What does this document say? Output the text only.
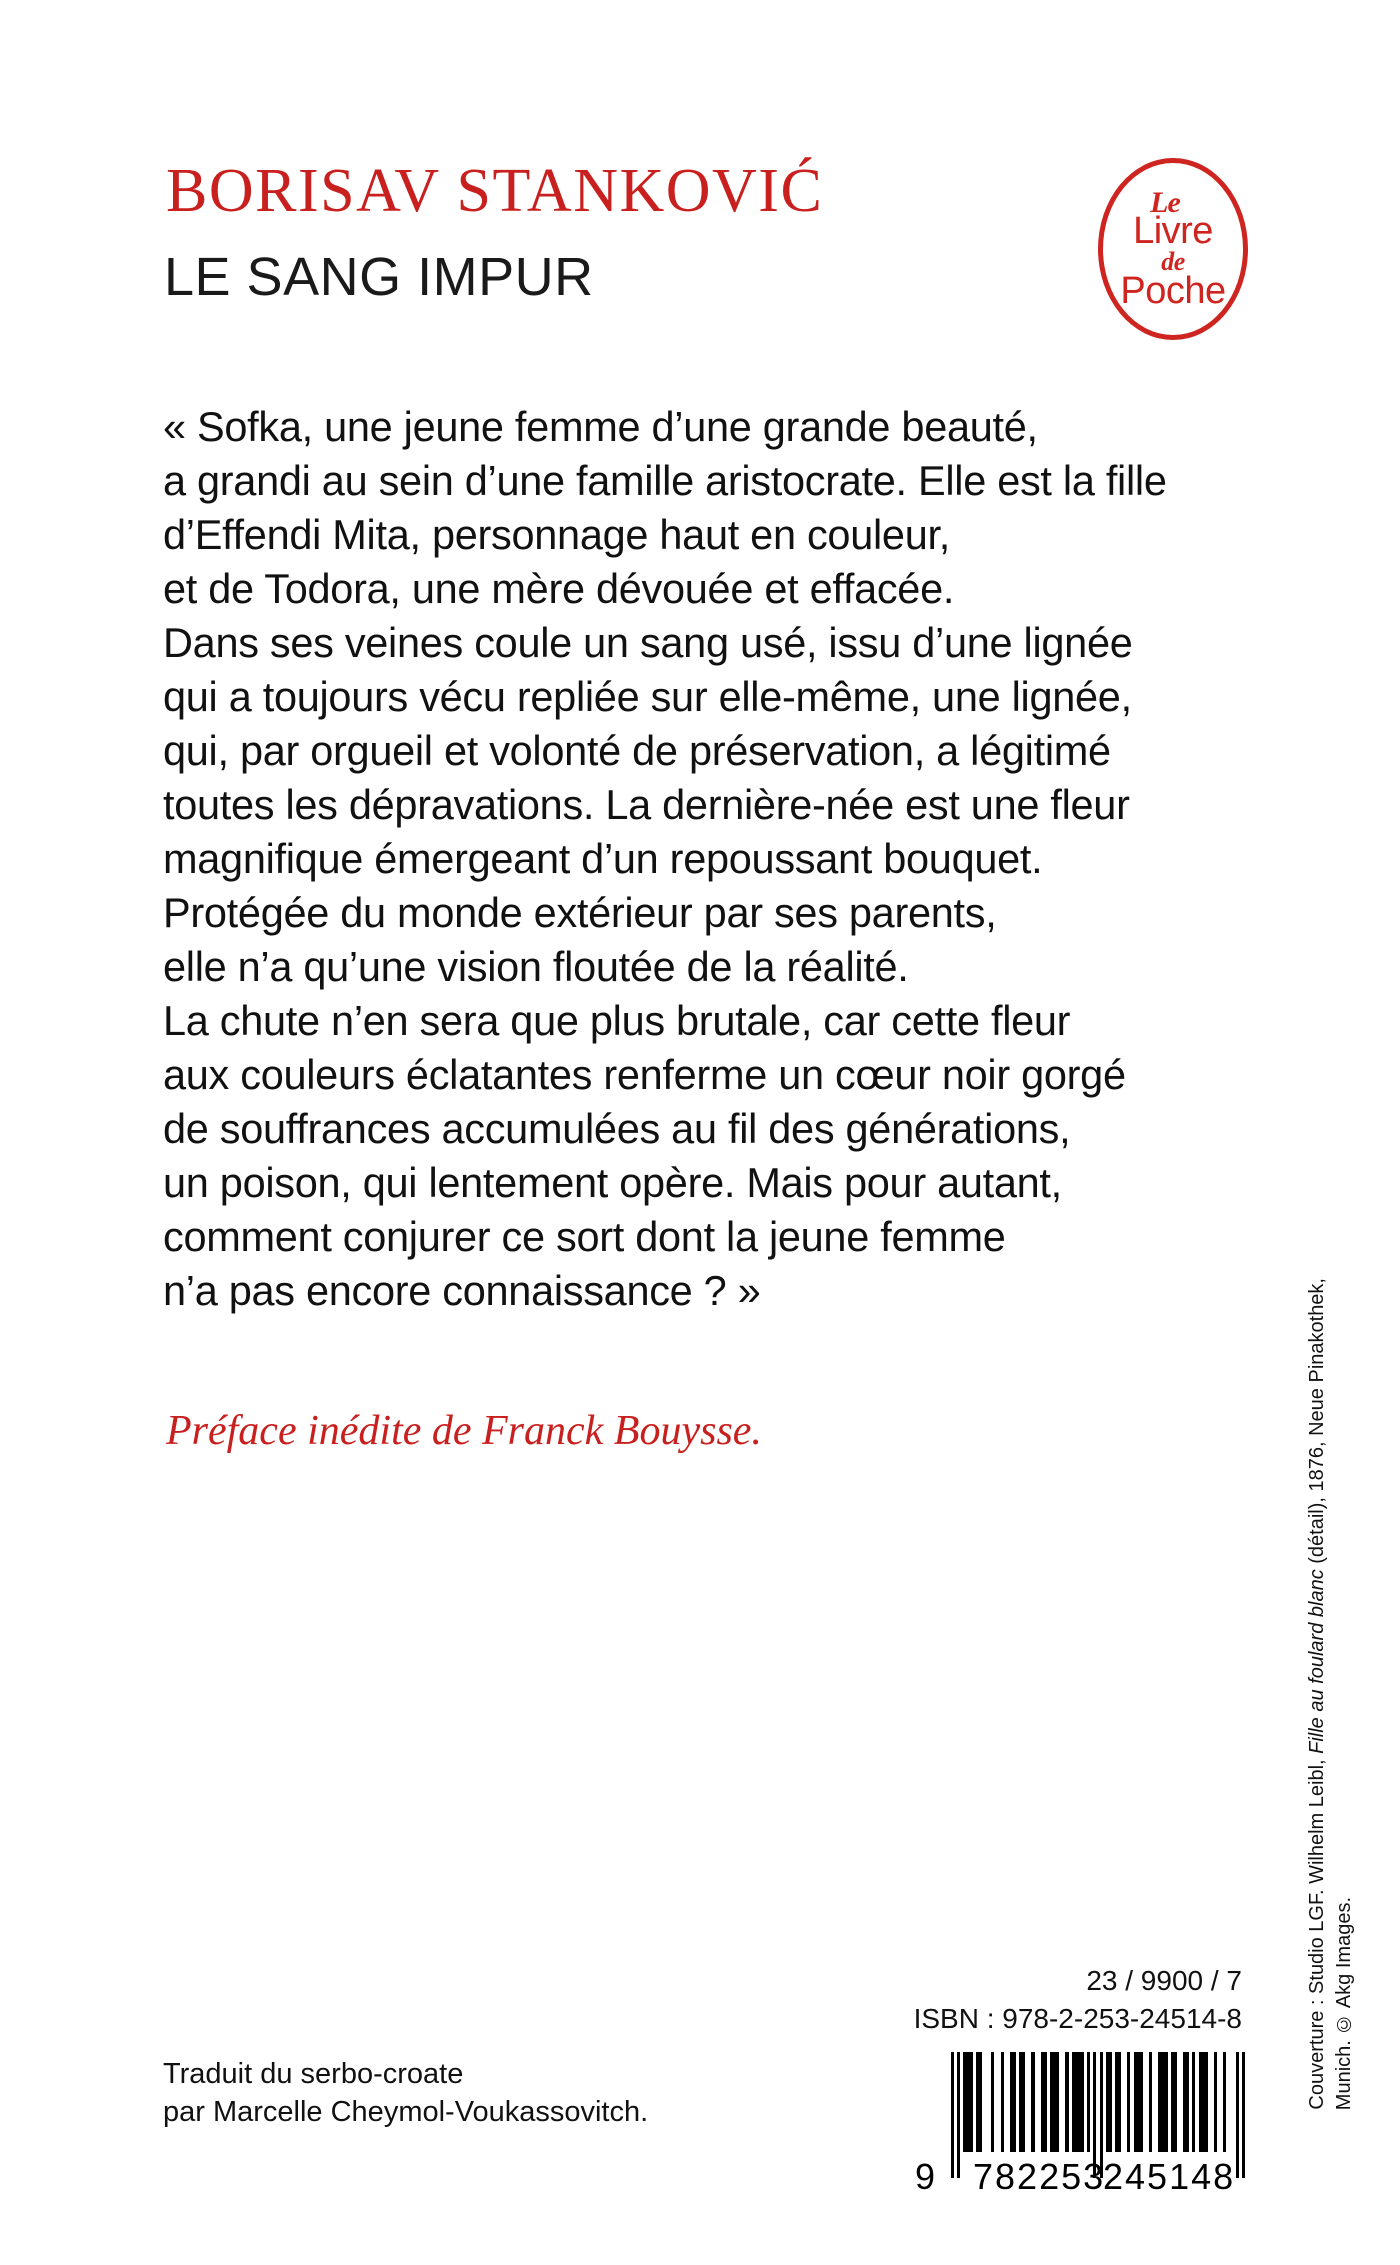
BORISAV STANKOVIĆ
LE SANG IMPUR
Le
Livre
de
Poche
« Sofka, une jeune femme d’une grande beauté,
a grandi au sein d’une famille aristocrate. Elle est la fille
d’Effendi Mita, personnage haut en couleur,
et de Todora, une mère dévouée et effacée.
Dans ses veines coule un sang usé, issu d’une lignée
qui a toujours vécu repliée sur elle-même, une lignée,
qui, par orgueil et volonté de préservation, a légitimé
toutes les dépravations. La dernière-née est une fleur
magnifique émergeant d’un repoussant bouquet.
Protégée du monde extérieur par ses parents,
elle n’a qu’une vision floutée de la réalité.
La chute n’en sera que plus brutale, car cette fleur
aux couleurs éclatantes renferme un cœur noir gorgé
de souffrances accumulées au fil des générations,
un poison, qui lentement opère. Mais pour autant,
comment conjurer ce sort dont la jeune femme
n’a pas encore connaissance ? »
Préface inédite de Franck Bouysse.
Couverture : Studio LGF. Wilhelm Leibl, Fille au foulard blanc (détail), 1876, Neue Pinakothek,
Munich. © Akg Images.
Traduit du serbo-croate
par Marcelle Cheymol-Voukassovitch.
23 / 9900 / 7
ISBN : 978-2-253-24514-8
9 782253
245148
